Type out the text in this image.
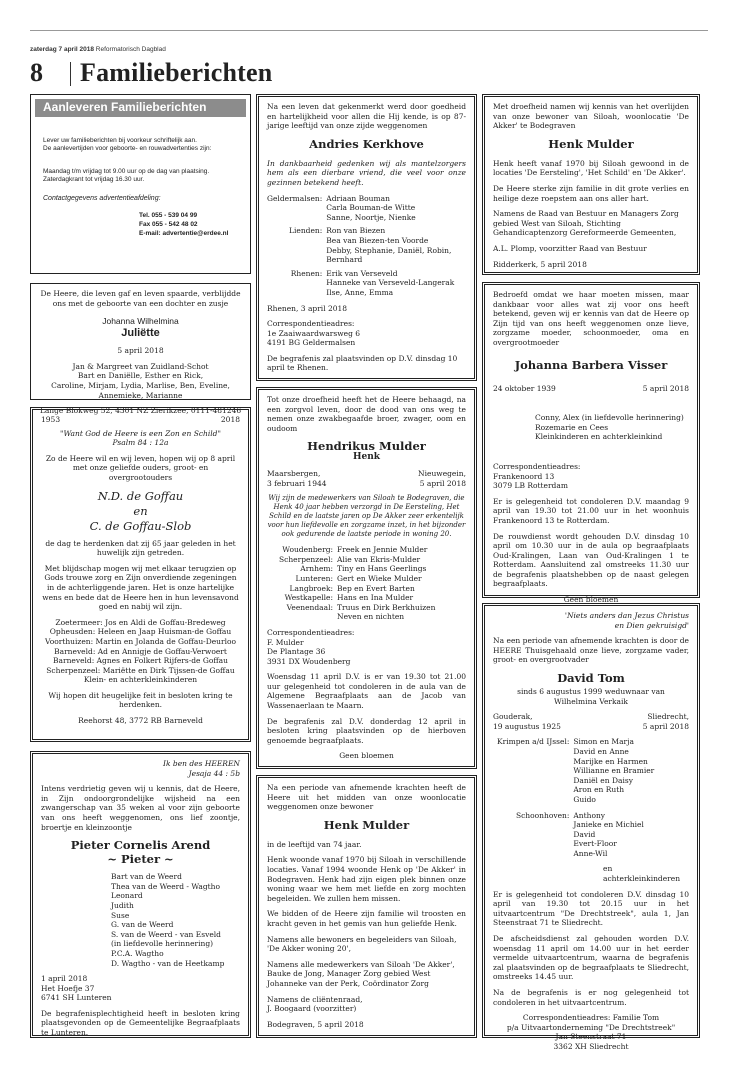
zaterdag 7 april 2018 Reformatorisch Dagblad
8 Familieberichten
Aanleveren Familieberichten

Lever uw familieberichten bij voorkeur schriftelijk aan.
De aanlevertijden voor geboorte- en rouwadvertenties zijn:

Maandag t/m vrijdag tot 9.00 uur op de dag van plaatsing.
Zaterdagkrant tot vrijdag 16.30 uur.

Contactgegevens advertentieafdeling:

Tel. 055 - 539 04 99
Fax 055 - 542 48 02
E-mail: advertentie@erdee.nl

De Heere, die leven gaf en leven spaarde, verblijdde ons met de geboorte van een dochter en zusje

Johanna Wilhelmina
Juliëtte

5 april 2018

Jan & Margreet van Zuidland-Schot
Bart en Daniëlle, Esther en Rick,
Caroline, Mirjam, Lydia, Marlise, Ben, Eveline,
Annemieke, Marianne

Lange Blokweg 52, 4301 NZ Zierikzee, 0111-481246
1953	2018
"Want God de Heere is een Zon en Schild"

Psalm 84 : 12a

Zo de Heere wil en wij leven, hopen wij op 8 april met onze geliefde ouders, groot- en overgrootouders

N.D. de Goffau
en
C. de Goffau-Slob

de dag te herdenken dat zij 65 jaar geleden in het huwelijk zijn getreden.

Met blijdschap mogen wij met elkaar terugzien op Gods trouwe zorg en Zijn onverdiende zegeningen in de achterliggende jaren. Het is onze hartelijke wens en bede dat de Heere hen in hun levensavond goed en nabij wil zijn.

Zoetermeer: Jos en Aldi de Goffau-Bredeweg
Opheusden: Heleen en Jaap Huisman-de Goffau
Voorthuizen: Martin en Jolanda de Goffau-Deurloo
Barneveld: Ad en Annigje de Goffau-Verwoert
Barneveld: Agnes en Folkert Rijfers-de Goffau
Scherpenzeel: Mariëtte en Dirk Tijssen-de Goffau
Klein- en achterkleinkinderen

Wij hopen dit heugelijke feit in besloten kring te herdenken.

Reehorst 48, 3772 RB Barneveld
Ik ben des HEEREN

Jesaja 44 : 5b

Intens verdrietig geven wij u kennis, dat de Heere, in Zijn ondoorgrondelijke wijsheid na een zwangerschap van 35 weken al voor zijn geboorte van ons heeft weggenomen, ons lief zoontje, broertje en kleinzoontje

Pieter Cornelis Arend
~ Pieter ~

Bart van de Weerd
Thea van de Weerd - Wagtho
Leonard
Judith
Suse
G. van de Weerd
S. van de Weerd - van Esveld
(in liefdevolle herinnering)
P.C.A. Wagtho
D. Wagtho - van de Heetkamp

1 april 2018
Het Hoefje 37
6741 SH Lunteren

De begrafenisplechtigheid heeft in besloten kring plaatsgevonden op de Gemeentelijke Begraafplaats te Lunteren.

Na een leven dat gekenmerkt werd door goedheid en hartelijkheid voor allen die Hij kende, is op 87-jarige leeftijd van onze zijde weggenomen

Andries Kerkhove

In dankbaarheid gedenken wij als mantelzorgers hem als een dierbare vriend, die veel voor onze gezinnen betekend heeft.

Geldermalsen: Adriaan Bouman
Carla Bouman-de Witte
Sanne, Noortje, Nienke
Lienden: Ron van Biezen
Bea van Biezen-ten Voorde
Debby, Stephanie, Daniël, Robin,
Bernhard
Rhenen: Erik van Verseveld
Hanneke van Verseveld-Langerak
Ilse, Anne, Emma

Rhenen, 3 april 2018

Correspondentieadres:
1e Zaaiwaardwarsweg 6
4191 BG Geldermalsen

De begrafenis zal plaatsvinden op D.V. dinsdag 10 april te Rhenen.

Tot onze droefheid heeft het de Heere behaagd, na een zorgvol leven, door de dood van ons weg te nemen onze zwakbegaafde broer, zwager, oom en oudoom

Hendrikus Mulder
Henk
Maarsbergen,	Nieuwegein,
3 februari 1944	5 april 2018

Wij zijn de medewerkers van Siloah te Bodegraven, die Henk 40 jaar hebben verzorgd in De Eersteling, Het Schild en de laatste jaren op De Akker zeer erkentelijk voor hun liefdevolle en zorgzame inzet, in het bijzonder ook gedurende de laatste periode in woning 20.

Woudenberg: Freek en Jennie Mulder
Scherpenzeel: Alie van Ekris-Mulder
Arnhem: Tiny en Hans Geerlings
Lunteren: Gert en Wieke Mulder
Langbroek: Bep en Evert Barten
Westkapelle: Hans en Ina Mulder
Veenendaal: Truus en Dirk Berkhuizen
Neven en nichten

Correspondentieadres:
F. Mulder
De Plantage 36
3931 DX Woudenberg

Woensdag 11 april D.V. is er van 19.30 tot 21.00 uur gelegenheid tot condoleren in de aula van de Algemene Begraafplaats aan de Jacob van Wassenaerlaan te Maarn.

De begrafenis zal D.V. donderdag 12 april in besloten kring plaatsvinden op de hierboven genoemde begraafplaats.

Geen bloemen

Na een periode van afnemende krachten heeft de Heere uit het midden van onze woonlocatie weggenomen onze bewoner

Henk Mulder

in de leeftijd van 74 jaar.

Henk woonde vanaf 1970 bij Siloah in verschillende locaties. Vanaf 1994 woonde Henk op 'De Akker' in Bodegraven. Henk had zijn eigen plek binnen onze woning waar we hem met liefde en zorg mochten begeleiden. We zullen hem missen.

We bidden of de Heere zijn familie wil troosten en kracht geven in het gemis van hun geliefde Henk.

Namens alle bewoners en begeleiders van Siloah, 'De Akker woning 20',

Namens alle medewerkers van Siloah 'De Akker', Bauke de Jong, Manager Zorg gebied West Johanneke van der Perk, Coördinator Zorg

Namens de cliëntenraad,
J. Boogaard (voorzitter)

Bodegraven, 5 april 2018

Met droefheid namen wij kennis van het overlijden van onze bewoner van Siloah, woonlocatie 'De Akker' te Bodegraven

Henk Mulder

Henk heeft vanaf 1970 bij Siloah gewoond in de locaties 'De Eersteling', 'Het Schild' en 'De Akker'.

De Heere sterke zijn familie in dit grote verlies en heilige deze roepstem aan ons aller hart.

Namens de Raad van Bestuur en Managers Zorg gebied West van Siloah, Stichting Gehandicaptenzorg Gereformeerde Gemeenten,

A.L. Plomp, voorzitter Raad van Bestuur

Ridderkerk, 5 april 2018

Bedroefd omdat we haar moeten missen, maar dankbaar voor alles wat zij voor ons heeft betekend, geven wij er kennis van dat de Heere op Zijn tijd van ons heeft weggenomen onze lieve, zorgzame moeder, schoonmoeder, oma en overgrootmoeder

Johanna Barbera Visser
24 oktober 1939	5 april 2018

Conny, Alex (in liefdevolle herinnering)
Rozemarie en Cees
Kleinkinderen en achterkleinkind

Correspondentieadres:
Frankenoord 13
3079 LB Rotterdam

Er is gelegenheid tot condoleren D.V. maandag 9 april van 19.30 tot 21.00 uur in het woonhuis Frankenoord 13 te Rotterdam.

De rouwdienst wordt gehouden D.V. dinsdag 10 april om 10.30 uur in de aula op begraafplaats Oud-Kralingen, Laan van Oud-Kralingen 1 te Rotterdam. Aansluitend zal omstreeks 11.30 uur de begrafenis plaatshebben op de naast gelegen begraafplaats.

Geen bloemen
'Niets anders dan Jezus Christus

en Dien gekruisigd'

Na een periode van afnemende krachten is door de HEERE Thuisgehaald onze lieve, zorgzame vader, groot- en overgrootvader

David Tom

sinds 6 augustus 1999 weduwnaar van
Wilhelmina Verkaik

Gouderak,	Sliedrecht,
19 augustus 1925	5 april 2018
Krimpen a/d IJssel: Simon en Marja
David en Anne
Marijke en Harmen
Willianne en Bramier
Daniël en Daisy
Aron en Ruth
Guido
Schoonhoven: Anthony
Janieke en Michiel
David
Evert-Floor
Anne-Wil

en achterkleinkinderen

Er is gelegenheid tot condoleren D.V. dinsdag 10 april van 19.30 tot 20.15 uur in het uitvaartcentrum "De Drechtstreek", aula 1, Jan Steenstraat 71 te Sliedrecht.

De afscheidsdienst zal gehouden worden D.V. woensdag 11 april om 14.00 uur in het eerder vermelde uitvaartcentrum, waarna de begrafenis zal plaatsvinden op de begraafplaats te Sliedrecht, omstreeks 14.45 uur.

Na de begrafenis is er nog gelegenheid tot condoleren in het uitvaartcentrum.

Correspondentieadres: Familie Tom
p/a Uitvaartonderneming "De Drechtstreek"
Jan Steenstraat 71
3362 XH Sliedrecht
